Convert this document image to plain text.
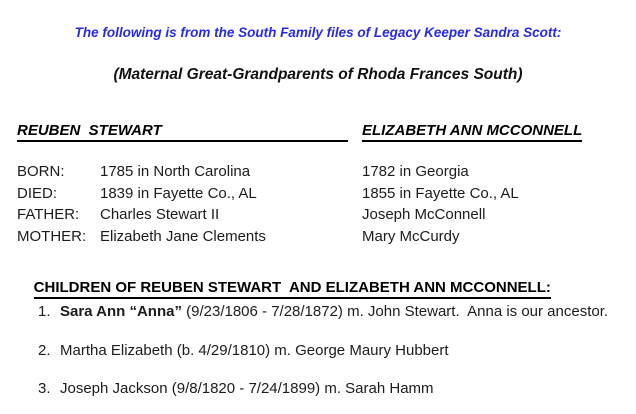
The following is from the South Family files of Legacy Keeper Sandra Scott:

(Maternal Great-Grandparents of Rhoda Frances South)

REUBEN  STEWART	ELIZABETH ANN MCCONNELL

BORN:	1785 in North Carolina	1782 in Georgia
DIED:	1839 in Fayette Co., AL	1855 in Fayette Co., AL
FATHER:	Charles Stewart II	Joseph McConnell
MOTHER: Elizabeth Jane Clements	Mary McCurdy

CHILDREN OF REUBEN STEWART  AND ELIZABETH ANN MCCONNELL:

1. Sara Ann “Anna” (9/23/1806 - 7/28/1872) m. John Stewart.  Anna is our ancestor.

2. Martha Elizabeth (b. 4/29/1810) m. George Maury Hubbert

3. Joseph Jackson (9/8/1820 - 7/24/1899) m. Sarah Hamm
